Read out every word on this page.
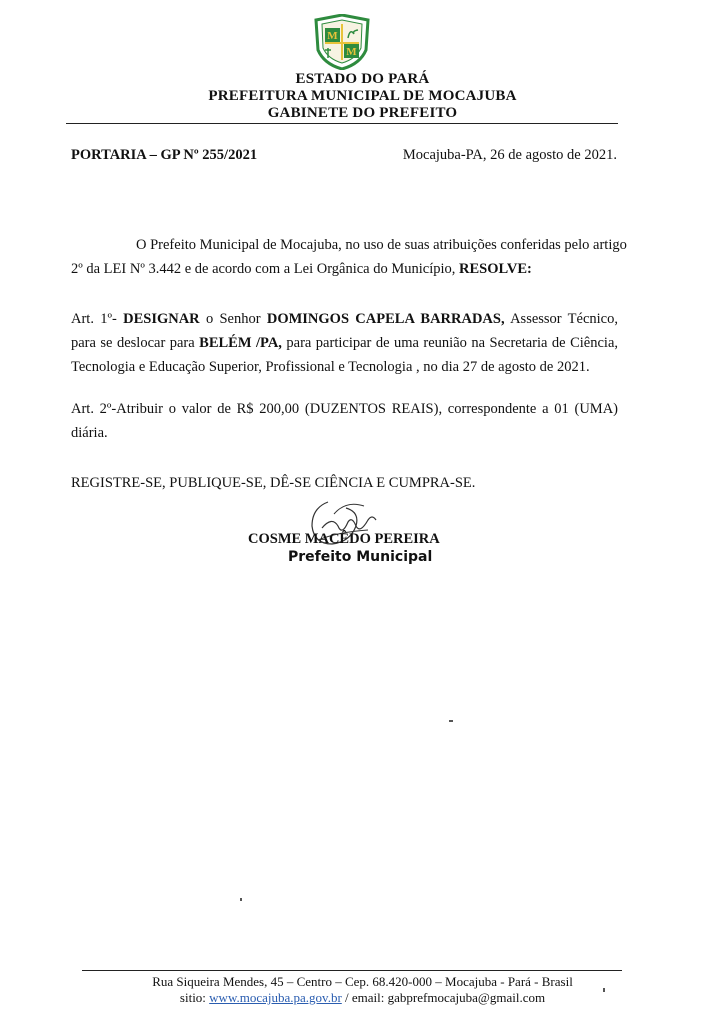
M
M
ESTADO DO PARÁ
PREFEITURA MUNICIPAL DE MOCAJUBA
GABINETE DO PREFEITO
PORTARIA – GP Nº 255/2021	Mocajuba-PA, 26 de agosto de 2021.
O Prefeito Municipal de Mocajuba, no uso de suas atribuições conferidas pelo artigo
2º da LEI Nº 3.442 e de acordo com a Lei Orgânica do Município, RESOLVE:
Art. 1º- DESIGNAR o Senhor DOMINGOS CAPELA BARRADAS, Assessor Técnico,
para se deslocar para BELÉM /PA, para participar de uma reunião na Secretaria de Ciência,
Tecnologia e Educação Superior, Profissional e Tecnologia , no dia 27 de agosto de 2021.
Art. 2º-Atribuir o valor de R$ 200,00 (DUZENTOS REAIS), correspondente a 01 (UMA)
diária.
REGISTRE-SE, PUBLIQUE-SE, DÊ-SE CIÊNCIA E CUMPRA-SE.
COSME MACÊDO PEREIRA
Prefeito Municipal
Rua Siqueira Mendes, 45 – Centro – Cep. 68.420-000 – Mocajuba - Pará - Brasil
sitio: www.mocajuba.pa.gov.br / email: gabprefmocajuba@gmail.com
